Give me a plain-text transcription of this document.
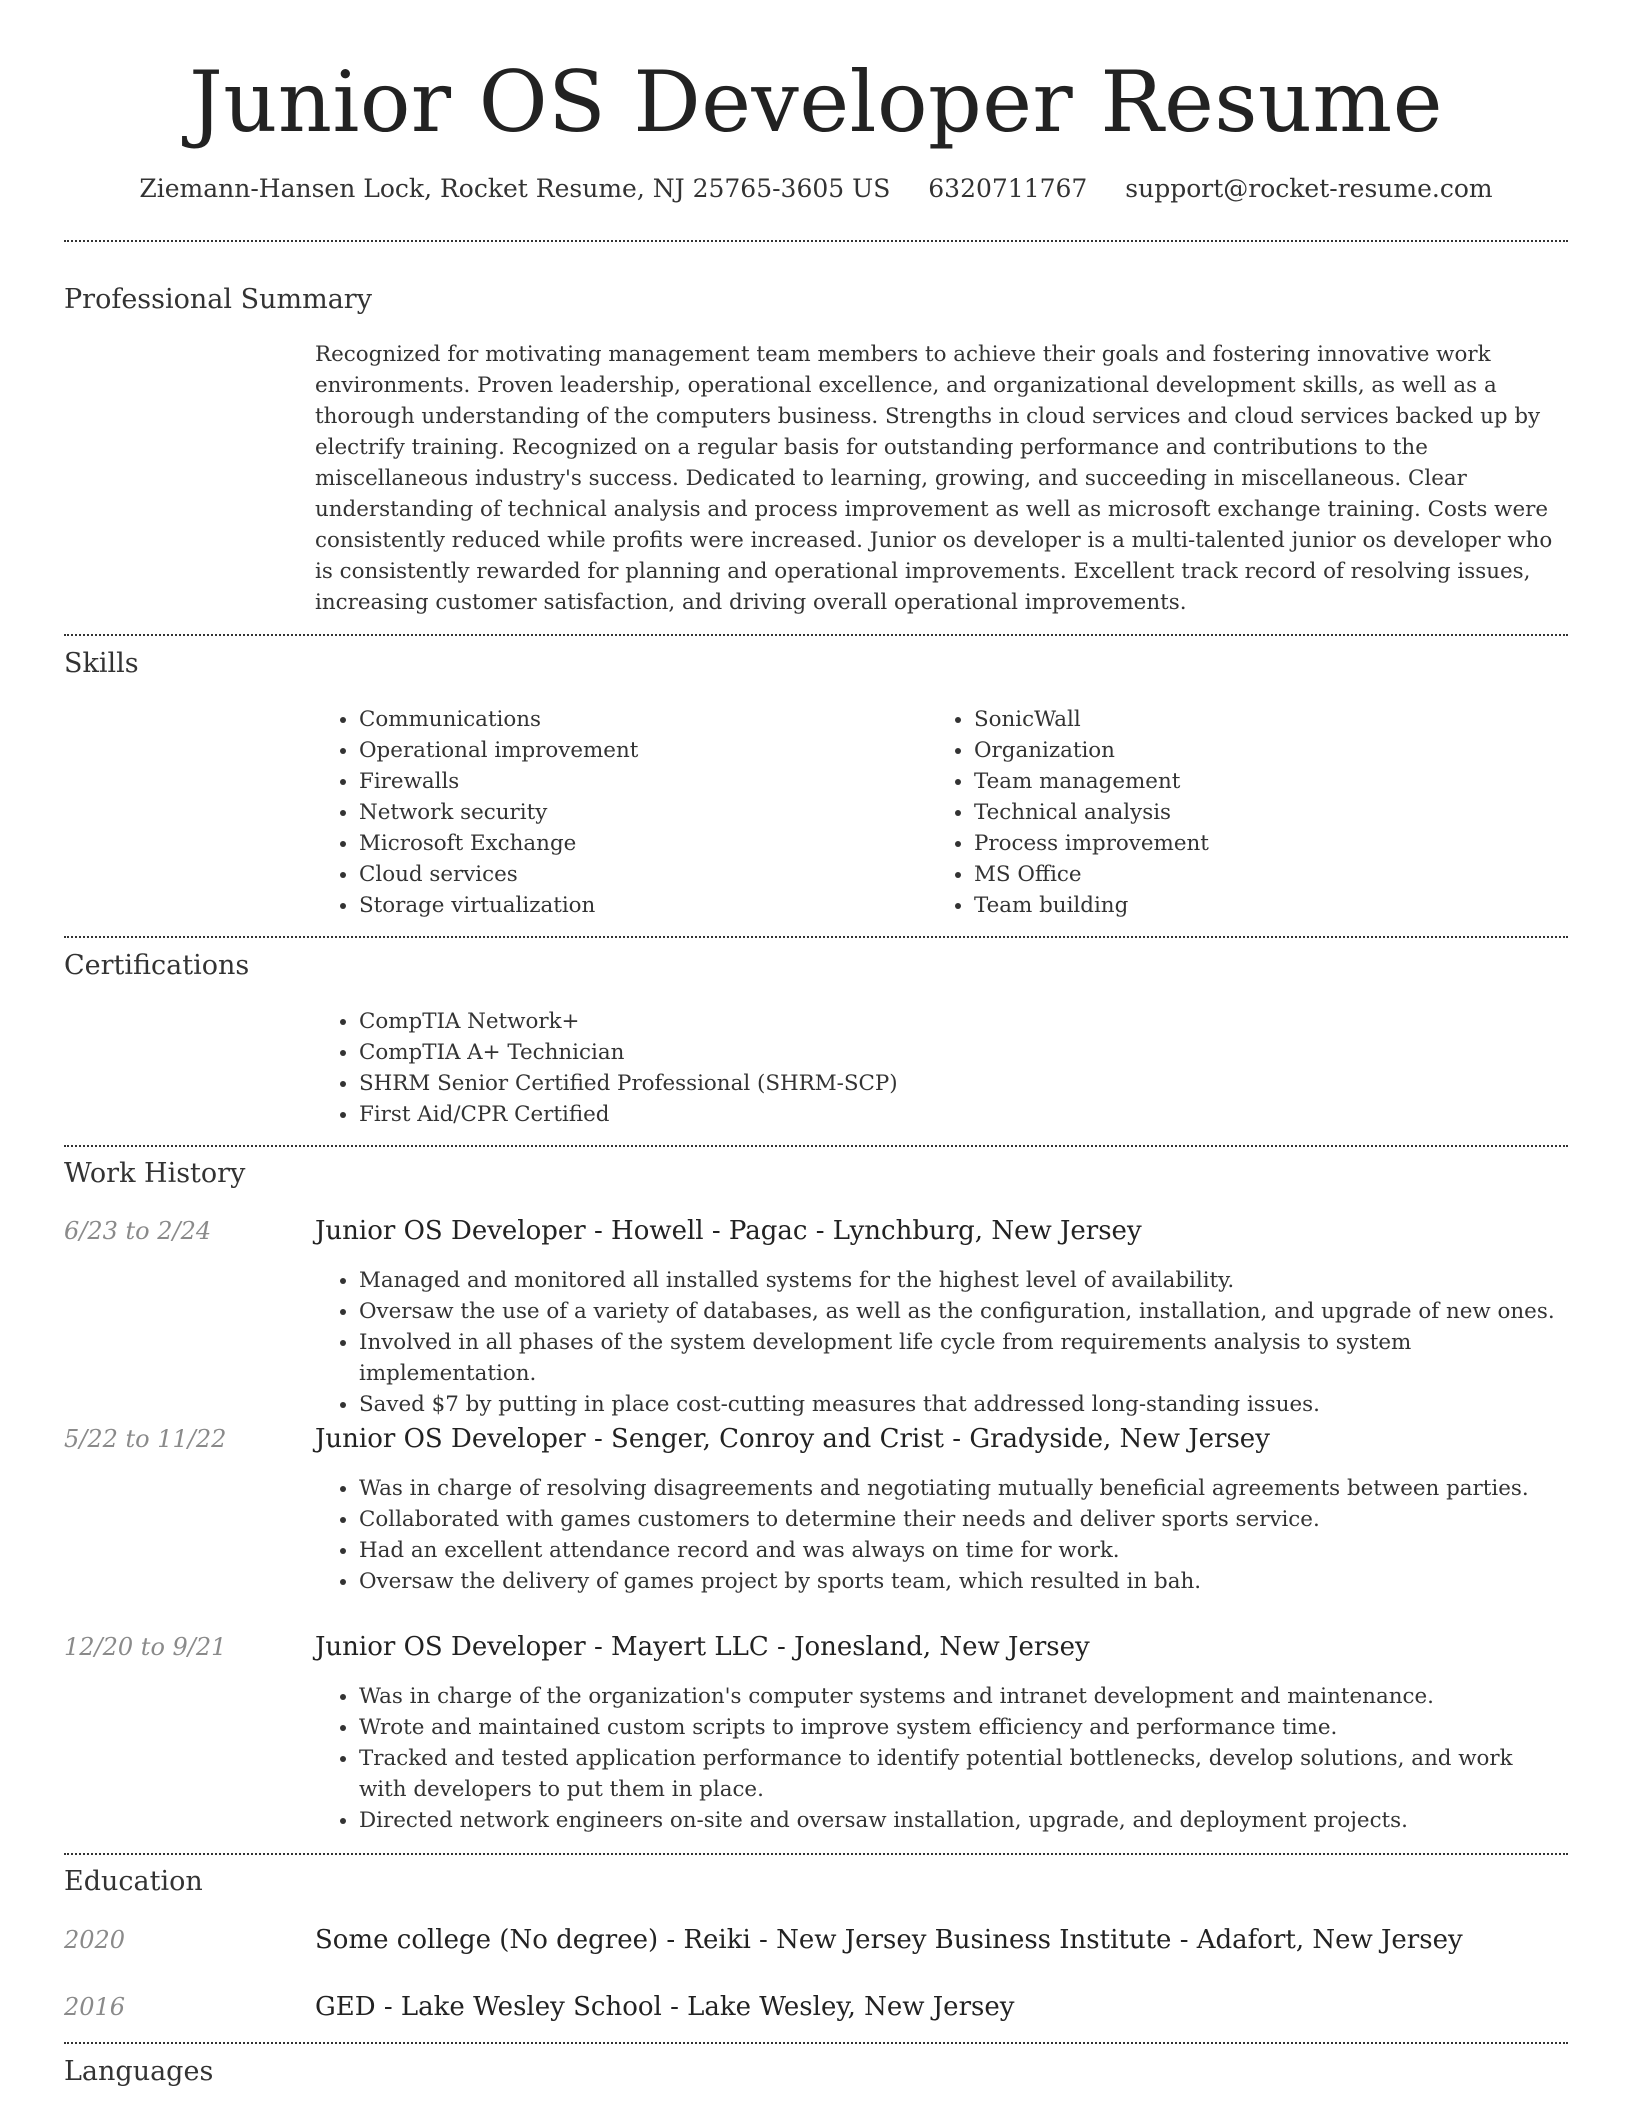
Junior OS Developer Resume
Ziemann-Hansen Lock, Rocket Resume, NJ 25765-3605 US 6320711767 support@rocket-resume.com
Professional Summary

Recognized for motivating management team members to achieve their goals and fostering innovative work environments. Proven leadership, operational excellence, and organizational development skills, as well as a thorough understanding of the computers business. Strengths in cloud services and cloud services backed up by electrify training. Recognized on a regular basis for outstanding performance and contributions to the miscellaneous industry's success. Dedicated to learning, growing, and succeeding in miscellaneous. Clear understanding of technical analysis and process improvement as well as microsoft exchange training. Costs were consistently reduced while profits were increased. Junior os developer is a multi-talented junior os developer who is consistently rewarded for planning and operational improvements. Excellent track record of resolving issues, increasing customer satisfaction, and driving overall operational improvements.

Skills
• Communications
• Operational improvement
• Firewalls
• Network security
• Microsoft Exchange
• Cloud services
• Storage virtualization
• SonicWall
• Organization
• Team management
• Technical analysis
• Process improvement
• MS Office
• Team building
Certifications
• CompTIA Network+
• CompTIA A+ Technician
• SHRM Senior Certified Professional (SHRM-SCP)
• First Aid/CPR Certified
Work History
6/23 to 2/24	Junior OS Developer - Howell - Pagac - Lynchburg, New Jersey
• Managed and monitored all installed systems for the highest level of availability.
• Oversaw the use of a variety of databases, as well as the configuration, installation, and upgrade of new ones.
• Involved in all phases of the system development life cycle from requirements analysis to system implementation.
• Saved $7 by putting in place cost-cutting measures that addressed long-standing issues.
5/22 to 11/22	Junior OS Developer - Senger, Conroy and Crist - Gradyside, New Jersey
• Was in charge of resolving disagreements and negotiating mutually beneficial agreements between parties.
• Collaborated with games customers to determine their needs and deliver sports service.
• Had an excellent attendance record and was always on time for work.
• Oversaw the delivery of games project by sports team, which resulted in bah.
12/20 to 9/21	Junior OS Developer - Mayert LLC - Jonesland, New Jersey
• Was in charge of the organization's computer systems and intranet development and maintenance.
• Wrote and maintained custom scripts to improve system efficiency and performance time.
• Tracked and tested application performance to identify potential bottlenecks, develop solutions, and work with developers to put them in place.
• Directed network engineers on-site and oversaw installation, upgrade, and deployment projects.
Education
2020	Some college (No degree) - Reiki - New Jersey Business Institute - Adafort, New Jersey
2016	GED - Lake Wesley School - Lake Wesley, New Jersey
Languages
